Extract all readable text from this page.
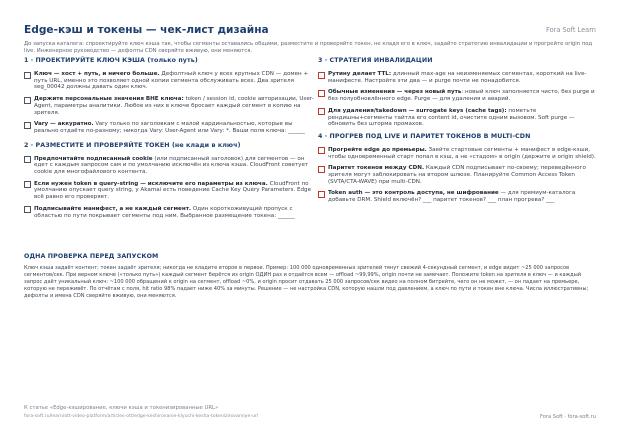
Edge-кэш и токены — чек-лист дизайна	Fora Soft Learn
До запуска каталога: спроектируйте ключ кэша так, чтобы сегменты оставались общими, разместите и проверяйте токен, не кладя его в ключ, задайте стратегию инвалидации и прогрейте origin под live. Инженерное руководство — дефолты CDN сверяйте вживую, они меняются.
1 · ПРОЕКТИРУЙТЕ КЛЮЧ КЭША (только путь)
Ключ — хост + путь, и ничего больше. Дефолтный ключ у всех крупных CDN — домен + путь URL, именно это позволяет одной копии сегмента обслуживать всех. Два зрителя seg_00042 должны давать один ключ.
Держите персональные значения ВНЕ ключа: token / session id, cookie авторизации, User-Agent, параметры аналитики. Любое из них в ключе бросает каждый сегмент в копию на зрителя.
Vary — аккуратно. Vary только по заголовкам с малой кардинальностью, которые вы реально отдаёте по-разному; никогда Vary: User-Agent или Vary: *. Ваши поля ключа: ______
2 · РАЗМЕСТИТЕ И ПРОВЕРЯЙТЕ ТОКЕН (не клади в ключ)
Предпочитайте подписанный cookie (или подписанный заголовок) для сегментов — он едет с каждым запросом сам и по умолчанию исключён из ключа кэша. CloudFront советует cookie для многофайлового контента.
Если нужен token в query-string — исключите его параметры из ключа. CloudFront по умолчанию опускает query string, у Akamai есть поведение Cache Key Query Parameters. Edge всё равно его проверяет.
Подписывайте манифест, а не каждый сегмент. Один короткоживущий пропуск с областью по пути покрывает сегменты под ним. Выбранное размещение токена: ______
3 · СТРАТЕГИЯ ИНВАЛИДАЦИИ
Рутину делает TTL: длинный max-age на неизменяемых сегментах, короткий на live-манифесте. Настройте эти два — и purge почти не понадобится.
Обычные изменения — через новый путь: новый ключ заполняется чисто, без purge и без полуобновлённого edge. Purge — для удаления и аварий.
Для удаления/takedown — surrogate keys (cache tags): пометьте рендишны+сегменты тайтла его content id, очистите одним вызовом. Soft purge — обновить без шторма промахов.
4 · ПРОГРЕВ ПОД LIVE И ПАРИТЕТ ТОКЕНОВ В MULTI-CDN
Прогрейте edge до премьеры. Заейте стартовые сегменты + манифест в edge-кэши, чтобы одновременный старт попал в кэш, а не «стадом» в origin (держите и origin shield).
Паритет токенов между CDN. Каждый CDN подписывает по-своему; переведённого зрителя могут заблокировать на втором шлюзе. Планируйте Common Access Token (SVTA/CTA-WAVE) при multi-CDN.
Token auth — это контроль доступа, не шифрование — для премиум-каталога добавьте DRM. Shield включён? ___ паритет токенов? ___ план прогрева? ___
ОДНА ПРОВЕРКА ПЕРЕД ЗАПУСКОМ

Ключ кэша задаёт контент; токен задаёт зрителя; никогда не кладите второе в первое. Пример: 100 000 одновременных зрителей тянут свежий 4-секундный сегмент, и edge видит ~25 000 запросов сегментов/сек. При верном ключе («только путь») каждый сегмент берётся из origin ОДИН раз и отдаётся всем — offload ~99,99%, origin почти не замечает. Положите token на зрителя в ключ — и каждый запрос даёт уникальный ключ: ~100 000 обращений к origin на сегмент, offload ~0%, и origin просит отдавать 25 000 запросов/сек видео на полном битрейте, чего он не может, — он падает на премьере, которую не переживёт. По отчётам с поля, hit ratio 98% падает ниже 40% за минуты. Решение — не настройка CDN, которую нашли под давлением, а ключ по пути и токен вне ключа. Числа иллюстративны; дефолты и имена CDN сверяйте вживую, они меняются.

К статье «Edge-кэширование, ключи кэша и токенизированные URL»
fora-soft.ru/learn/ott-video-platform/articles-ott/edge-keshirovanie-klyuchi-kesha-tokenizirovannye-url	Fora Soft · fora-soft.ru
